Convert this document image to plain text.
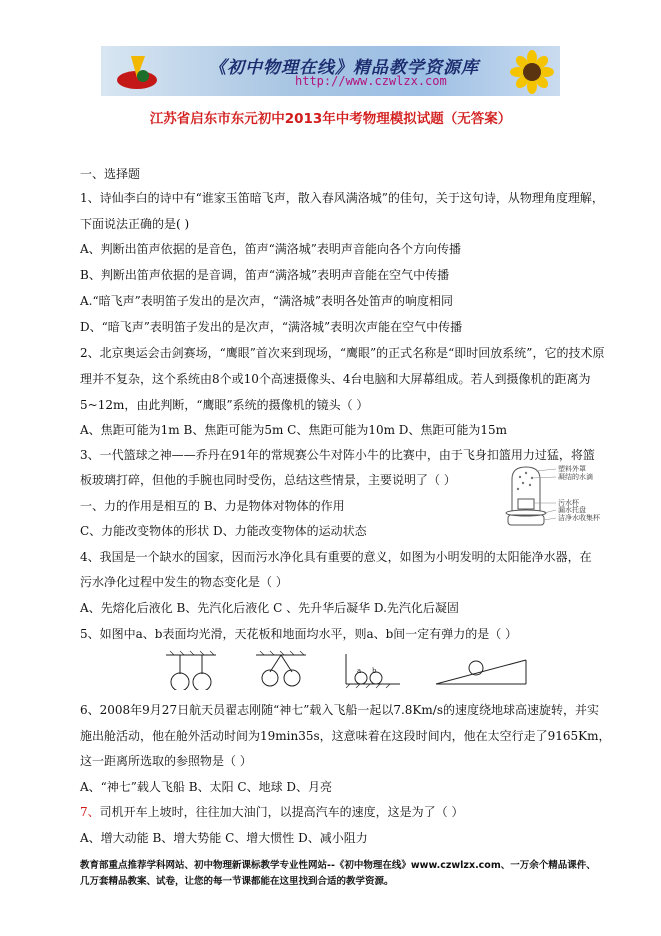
《初中物理在线》精品教学资源库
http://www.czwlzx.com
江苏省启东市东元初中2013年中考物理模拟试题（无答案）
一、选择题
1、诗仙李白的诗中有“谁家玉笛暗飞声，散入春风满洛城”的佳句，关于这句诗，从物理角度理解，
下面说法正确的是( )
A、判断出笛声依据的是音色，笛声“满洛城”表明声音能向各个方向传播
B、判断出笛声依据的是音调，笛声“满洛城”表明声音能在空气中传播
A.“暗飞声”表明笛子发出的是次声，“满洛城”表明各处笛声的响度相同
D、“暗飞声”表明笛子发出的是次声，“满洛城”表明次声能在空气中传播
2、北京奥运会击剑赛场，“鹰眼”首次来到现场，“鹰眼”的正式名称是“即时回放系统”，它的技术原
理并不复杂，这个系统由8个或10个高速摄像头、4台电脑和大屏幕组成。若人到摄像机的距离为
5~12m，由此判断，“鹰眼”系统的摄像机的镜头（ ）
A、焦距可能为1m B、焦距可能为5m C、焦距可能为10m D、焦距可能为15m
3、一代篮球之神——乔丹在91年的常规赛公牛对阵小牛的比赛中，由于飞身扣篮用力过猛，将篮
板玻璃打碎，但他的手腕也同时受伤，总结这些情景，主要说明了（ ）
一、力的作用是相互的 B、力是物体对物体的作用
C、力能改变物体的形状 D、力能改变物体的运动状态
4、我国是一个缺水的国家，因而污水净化具有重要的意义，如图为小明发明的太阳能净水器，在
污水净化过程中发生的物态变化是（ ）
A、先熔化后液化 B、先汽化后液化 C 、先升华后凝华 D.先汽化后凝固
5、如图中a、b表面均光滑，天花板和地面均水平，则a、b间一定有弹力的是（ ）
塑料外罩
凝结的水滴
污水杯
漏水托盘
洁净水收集杯
a b
6、2008年9月27日航天员翟志刚随“神七”载入飞船一起以7.8Km/s的速度绕地球高速旋转，并实
施出舱活动，他在舱外活动时间为19min35s，这意味着在这段时间内，他在太空行走了9165Km，
这一距离所选取的参照物是（ ）
A、“神七”载人飞船 B、太阳 C、地球 D、月亮
7、司机开车上坡时，往往加大油门，以提高汽车的速度，这是为了（ ）
A、增大动能 B、增大势能 C、增大惯性 D、减小阻力
教育部重点推荐学科网站、初中物理新课标教学专业性网站--《初中物理在线》www.czwlzx.com、一万余个精品课件、
几万套精品教案、试卷，让您的每一节课都能在这里找到合适的教学资源。
